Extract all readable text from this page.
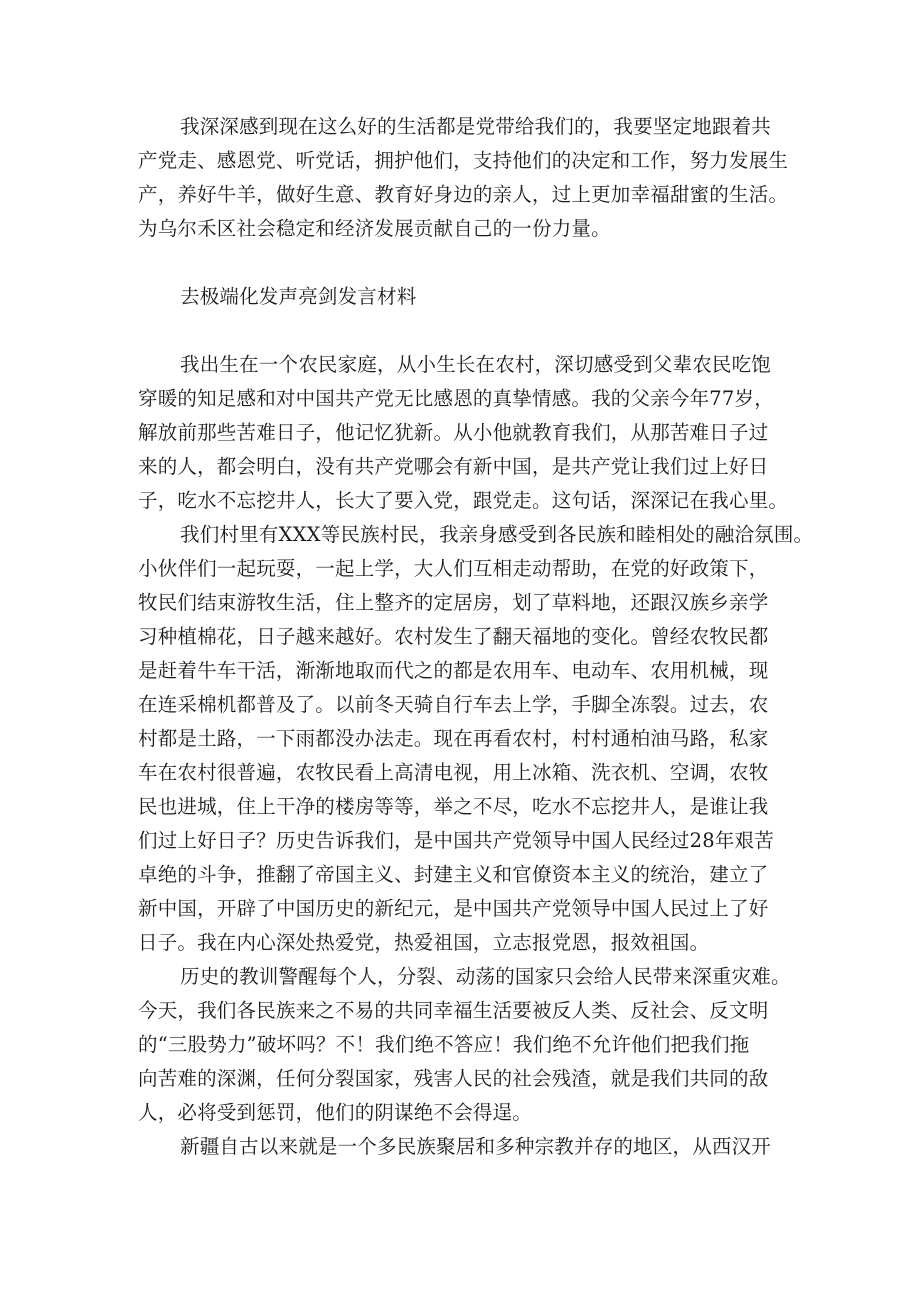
我深深感到现在这么好的生活都是党带给我们的，我要坚定地跟着共
产党走、感恩党、听党话，拥护他们，支持他们的决定和工作，努力发展生
产，养好牛羊，做好生意、教育好身边的亲人，过上更加幸福甜蜜的生活。
为乌尔禾区社会稳定和经济发展贡献自己的一份力量。
去极端化发声亮剑发言材料
我出生在一个农民家庭，从小生长在农村，深切感受到父辈农民吃饱
穿暖的知足感和对中国共产党无比感恩的真挚情感。我的父亲今年77岁，
解放前那些苦难日子，他记忆犹新。从小他就教育我们，从那苦难日子过
来的人，都会明白，没有共产党哪会有新中国，是共产党让我们过上好日
子，吃水不忘挖井人，长大了要入党，跟党走。这句话，深深记在我心里。
我们村里有XXX等民族村民，我亲身感受到各民族和睦相处的融洽氛围。
小伙伴们一起玩耍，一起上学，大人们互相走动帮助，在党的好政策下，
牧民们结束游牧生活，住上整齐的定居房，划了草料地，还跟汉族乡亲学
习种植棉花，日子越来越好。农村发生了翻天福地的变化。曾经农牧民都
是赶着牛车干活，渐渐地取而代之的都是农用车、电动车、农用机械，现
在连采棉机都普及了。以前冬天骑自行车去上学，手脚全冻裂。过去，农
村都是土路，一下雨都没办法走。现在再看农村，村村通柏油马路，私家
车在农村很普遍，农牧民看上高清电视，用上冰箱、洗衣机、空调，农牧
民也进城，住上干净的楼房等等，举之不尽，吃水不忘挖井人，是谁让我
们过上好日子？历史告诉我们，是中国共产党领导中国人民经过28年艰苦
卓绝的斗争，推翻了帝国主义、封建主义和官僚资本主义的统治，建立了
新中国，开辟了中国历史的新纪元，是中国共产党领导中国人民过上了好
日子。我在内心深处热爱党，热爱祖国，立志报党恩，报效祖国。
历史的教训警醒每个人，分裂、动荡的国家只会给人民带来深重灾难。
今天，我们各民族来之不易的共同幸福生活要被反人类、反社会、反文明
的“三股势力”破坏吗？不！我们绝不答应！我们绝不允许他们把我们拖
向苦难的深渊，任何分裂国家，残害人民的社会残渣，就是我们共同的敌
人，必将受到惩罚，他们的阴谋绝不会得逞。
新疆自古以来就是一个多民族聚居和多种宗教并存的地区，从西汉开
